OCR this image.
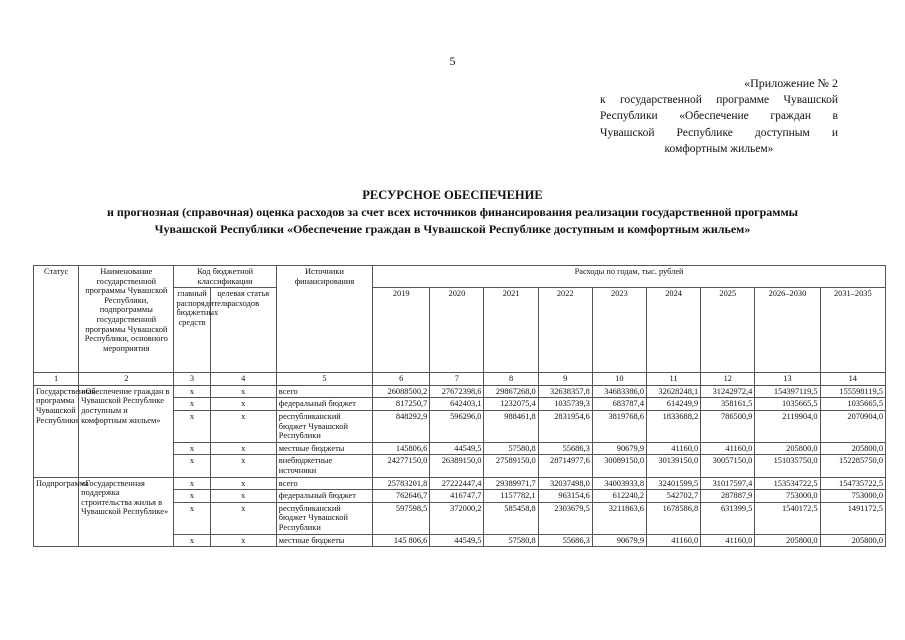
5
«Приложение № 2
к государственной программе Чувашской Республики «Обеспечение граждан в Чувашской Республике доступным и комфортным жильем»
РЕСУРСНОЕ ОБЕСПЕЧЕНИЕ
и прогнозная (справочная) оценка расходов за счет всех источников финансирования реализации государственной программы Чувашской Республики «Обеспечение граждан в Чувашской Республике доступным и комфортным жильем»
Статус	Наименование государственной программы Чувашской Республики, подпрограммы государственной программы Чувашской Республики, основного мероприятия	Код бюджетной классификации		Источники финансирования	Расходы по годам, тыс. рублей								
		главный распорядитель бюджетных средств	целевая статья расходов		2019	2020	2021	2022	2023	2024	2025	2026–2030	2031–2035

1	2	3	4	5	6	7	8	9	10	11	12	13	14
Государственная программа Чувашской Республики	«Обеспечение граждан в Чувашской Республике доступным и комфортным жильем»	x	x	всего	26088500,2	27672398,6	29867268,0	32638357,8	34683386,0	32628248,1	31242972,4	154397119,5	155598119,5
		x	x	федеральный бюджет	817250,7	642403,1	1232075,4	1035739,3	683787,4	614249,9	358161,5	1035665,5	1035665,5
		x	x	республиканский бюджет Чувашской Республики	848292,9	596296,0	988461,8	2831954,6	3819768,6	1833688,2	786500,9	2119904,0	2070904,0
		x	x	местные бюджеты	145806,6	44549,5	57580,8	55686,3	90679,9	41160,0	41160,0	205800,0	205800,0
		x	x	внебюджетные источники	24277150,0	26389150,0	27589150,0	28714977,6	30089150,0	30139150,0	30057150,0	151035750,0	152285750,0
Подпрограмма	«Государственная поддержка строительства жилья в Чувашской Республике»	x	x	всего	25783201,8	27222447,4	29389971,7	32037498,0	34003933,8	32401599,5	31017597,4	153534722,5	154735722,5
		x	x	федеральный бюджет	762646,7	416747,7	1157782,1	963154,6	612240,2	542702,7	287887,9	753000,0	753000,0
		x	x	республиканский бюджет Чувашской Республики	597598,5	372000,2	585458,8	2303679,5	3211863,6	1678586,8	631399,5	1540172,5	1491172,5
		x	x	местные бюджеты	145 806,6	44549,5	57580,8	55686,3	90679,9	41160,0	41160,0	205800,0	205800,0
